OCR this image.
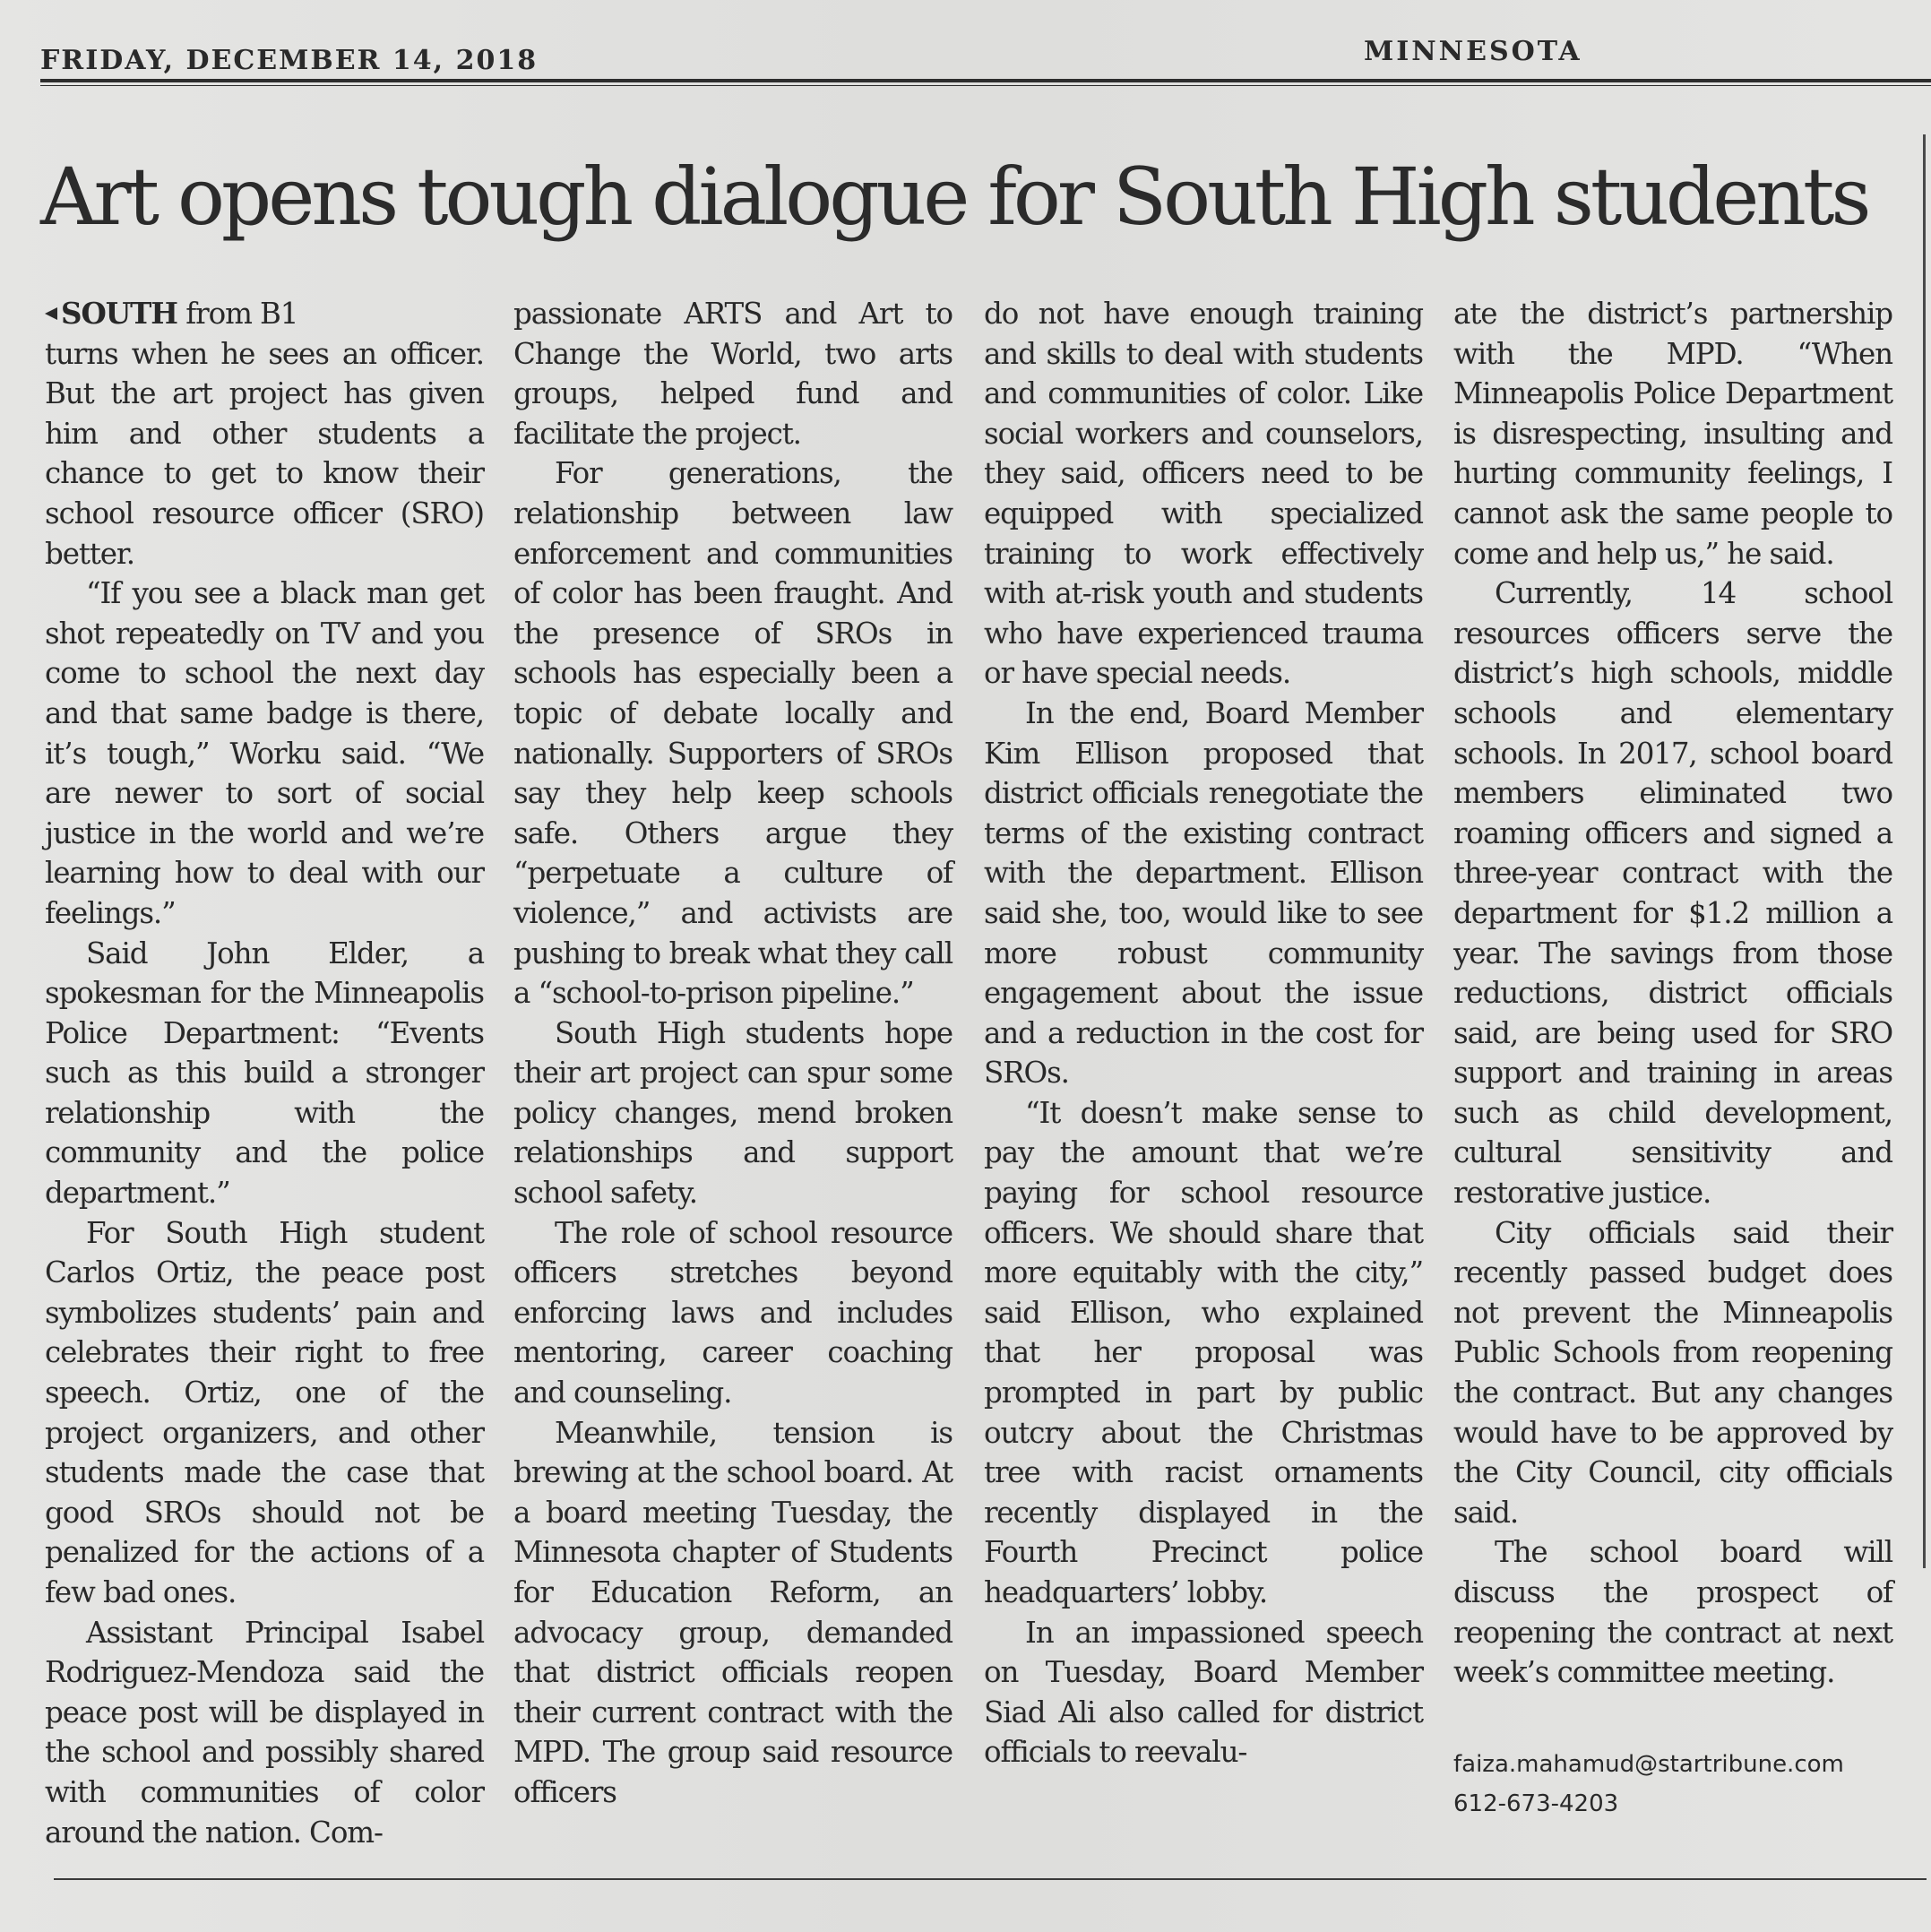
FRIDAY, DECEMBER 14, 2018	MINNESOTA
Art opens tough dialogue for South High students

SOUTH from B1

turns when he sees an officer. But the art project has given him and other students a chance to get to know their school resource officer (SRO) better.

“If you see a black man get shot repeatedly on TV and you come to school the next day and that same badge is there, it’s tough,” Worku said. “We are newer to sort of social justice in the world and we’re learning how to deal with our feelings.”

Said John Elder, a spokesman for the Minneapolis Police Department: “Events such as this build a stronger relationship with the community and the police department.”

For South High student Carlos Ortiz, the peace post symbolizes students’ pain and celebrates their right to free speech. Ortiz, one of the project organizers, and other students made the case that good SROs should not be penalized for the actions of a few bad ones.

Assistant Principal Isabel Rodriguez-Mendoza said the peace post will be displayed in the school and possibly shared with communities of color around the nation. Com-

passionate ARTS and Art to Change the World, two arts groups, helped fund and facilitate the project.

For generations, the relationship between law enforcement and communities of color has been fraught. And the presence of SROs in schools has especially been a topic of debate locally and nationally. Supporters of SROs say they help keep schools safe. Others argue they “perpetuate a culture of violence,” and activists are pushing to break what they call a “school-to-prison pipeline.”

South High students hope their art project can spur some policy changes, mend broken relationships and support school safety.

The role of school resource officers stretches beyond enforcing laws and includes mentoring, career coaching and counseling.

Meanwhile, tension is brewing at the school board. At a board meeting Tuesday, the Minnesota chapter of Students for Education Reform, an advocacy group, demanded that district officials reopen their current contract with the MPD. The group said resource officers

do not have enough training and skills to deal with students and communities of color. Like social workers and counselors, they said, officers need to be equipped with specialized training to work effectively with at-risk youth and students who have experienced trauma or have special needs.

In the end, Board Member Kim Ellison proposed that district officials renegotiate the terms of the existing contract with the department. Ellison said she, too, would like to see more robust community engagement about the issue and a reduction in the cost for SROs.

“It doesn’t make sense to pay the amount that we’re paying for school resource officers. We should share that more equitably with the city,” said Ellison, who explained that her proposal was prompted in part by public outcry about the Christmas tree with racist ornaments recently displayed in the Fourth Precinct police headquarters’ lobby.

In an impassioned speech on Tuesday, Board Member Siad Ali also called for district officials to reevalu-

ate the district’s partnership with the MPD. “When Minneapolis Police Department is disrespecting, insulting and hurting community feelings, I cannot ask the same people to come and help us,” he said.

Currently, 14 school resources officers serve the district’s high schools, middle schools and elementary schools. In 2017, school board members eliminated two roaming officers and signed a three-year contract with the department for $1.2 million a year. The savings from those reductions, district officials said, are being used for SRO support and training in areas such as child development, cultural sensitivity and restorative justice.

City officials said their recently passed budget does not prevent the Minneapolis Public Schools from reopening the contract. But any changes would have to be approved by the City Council, city officials said.

The school board will discuss the prospect of reopening the contract at next week’s committee meeting.

faiza.mahamud@startribune.com
612-673-4203
